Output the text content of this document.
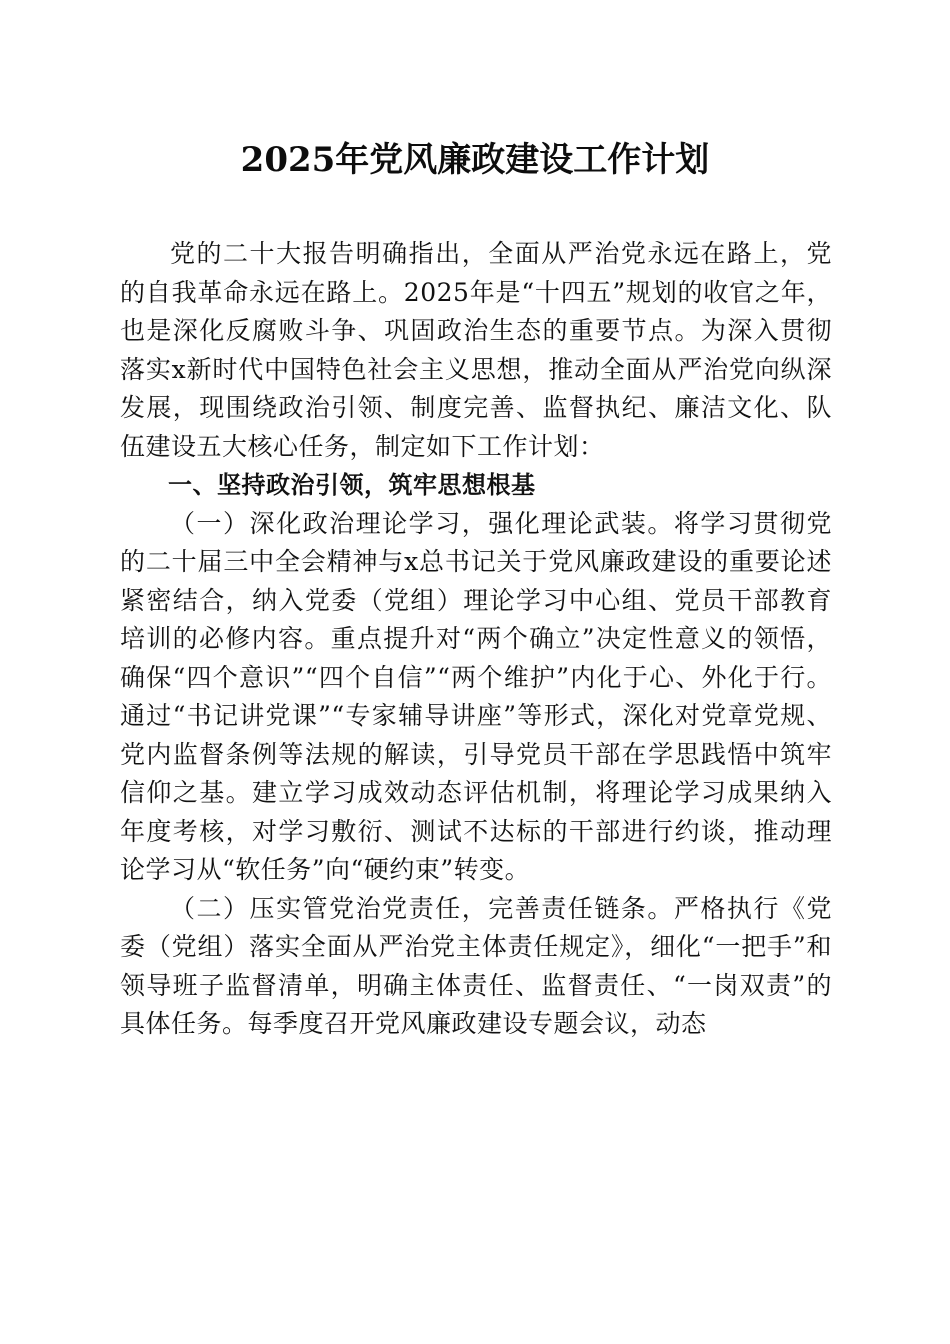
2025年党风廉政建设工作计划

党的二十大报告明确指出，全面从严治党永远在路上，党的自我革命永远在路上。2025年是“十四五”规划的收官之年，也是深化反腐败斗争、巩固政治生态的重要节点。为深入贯彻落实x新时代中国特色社会主义思想，推动全面从严治党向纵深发展，现围绕政治引领、制度完善、监督执纪、廉洁文化、队伍建设五大核心任务，制定如下工作计划：

一、坚持政治引领，筑牢思想根基

（一）深化政治理论学习，强化理论武装。将学习贯彻党的二十届三中全会精神与x总书记关于党风廉政建设的重要论述紧密结合，纳入党委（党组）理论学习中心组、党员干部教育培训的必修内容。重点提升对“两个确立”决定性意义的领悟，确保“四个意识”“四个自信”“两个维护”内化于心、外化于行。通过“书记讲党课”“专家辅导讲座”等形式，深化对党章党规、党内监督条例等法规的解读，引导党员干部在学思践悟中筑牢信仰之基。建立学习成效动态评估机制，将理论学习成果纳入年度考核，对学习敷衍、测试不达标的干部进行约谈，推动理论学习从“软任务”向“硬约束”转变。

（二）压实管党治党责任，完善责任链条。严格执行《党委（党组）落实全面从严治党主体责任规定》，细化“一把手”和领导班子监督清单，明确主体责任、监督责任、“一岗双责”的具体任务。每季度召开党风廉政建设专题会议，动态
